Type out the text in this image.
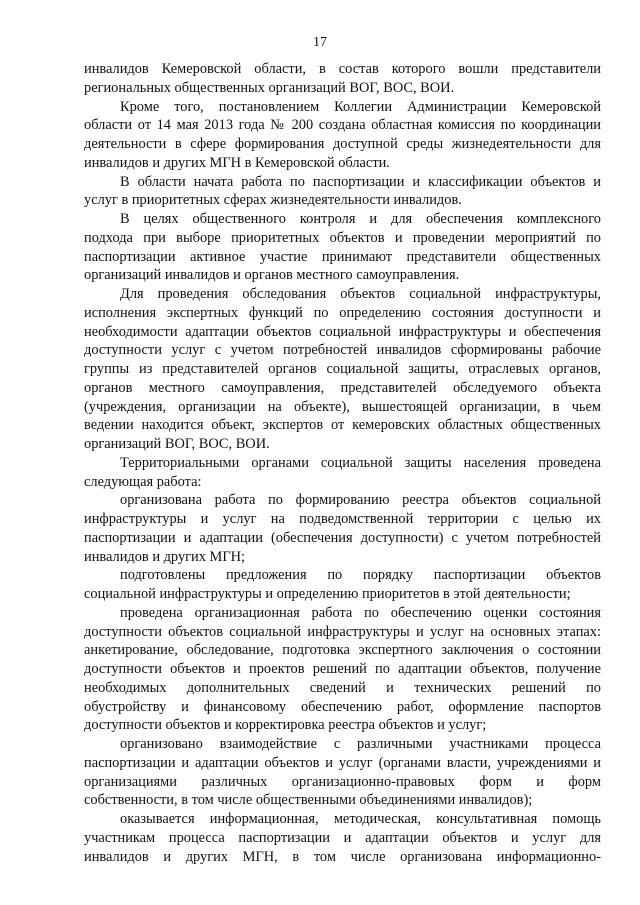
17
инвалидов Кемеровской области, в состав которого вошли представители
региональных общественных организаций ВОГ, ВОС, ВОИ.
Кроме того, постановлением Коллегии Администрации Кемеровской
области от 14 мая 2013 года № 200 создана областная комиссия по координации
деятельности в сфере формирования доступной среды жизнедеятельности для
инвалидов и других МГН в Кемеровской области.
В области начата работа по паспортизации и классификации объектов и
услуг в приоритетных сферах жизнедеятельности инвалидов.
В целях общественного контроля и для обеспечения комплексного
подхода при выборе приоритетных объектов и проведении мероприятий по
паспортизации активное участие принимают представители общественных
организаций инвалидов и органов местного самоуправления.
Для проведения обследования объектов социальной инфраструктуры,
исполнения экспертных функций по определению состояния доступности и
необходимости адаптации объектов социальной инфраструктуры и обеспечения
доступности услуг с учетом потребностей инвалидов сформированы рабочие
группы из представителей органов социальной защиты, отраслевых органов,
органов местного самоуправления, представителей обследуемого объекта
(учреждения, организации на объекте), вышестоящей организации, в чьем
ведении находится объект, экспертов от кемеровских областных общественных
организаций ВОГ, ВОС, ВОИ.
Территориальными органами социальной защиты населения проведена
следующая работа:
организована работа по формированию реестра объектов социальной
инфраструктуры и услуг на подведомственной территории с целью их
паспортизации и адаптации (обеспечения доступности) с учетом потребностей
инвалидов и других МГН;
подготовлены предложения по порядку паспортизации объектов
социальной инфраструктуры и определению приоритетов в этой деятельности;
проведена организационная работа по обеспечению оценки состояния
доступности объектов социальной инфраструктуры и услуг на основных этапах:
анкетирование, обследование, подготовка экспертного заключения о состоянии
доступности объектов и проектов решений по адаптации объектов, получение
необходимых дополнительных сведений и технических решений по
обустройству и финансовому обеспечению работ, оформление паспортов
доступности объектов и корректировка реестра объектов и услуг;
организовано взаимодействие с различными участниками процесса
паспортизации и адаптации объектов и услуг (органами власти, учреждениями и
организациями различных организационно-правовых форм и форм
собственности, в том числе общественными объединениями инвалидов);
оказывается информационная, методическая, консультативная помощь
участникам процесса паспортизации и адаптации объектов и услуг для
инвалидов и других МГН, в том числе организована информационно-
